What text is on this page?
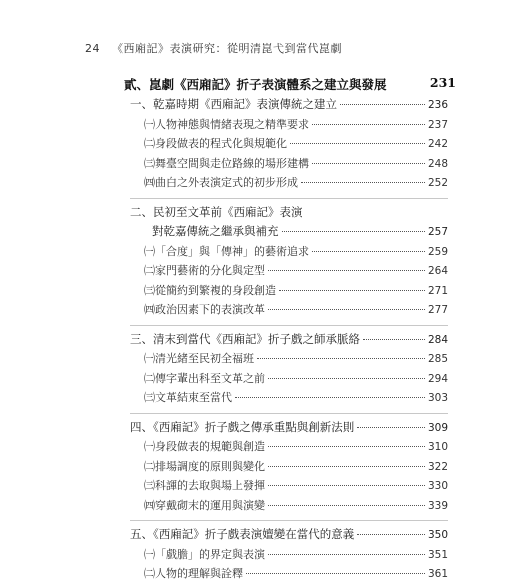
24 《西廂記》表演研究：從明清崑弋到當代崑劇
貳、崑劇《西廂記》折子表演體系之建立與發展	231
一、乾嘉時期《西廂記》表演傳統之建立	236
㈠人物神態與情緒表現之精準要求	237
㈡身段做表的程式化與規範化	242
㈢舞臺空間與走位路線的場形建構	248
㈣曲白之外表演定式的初步形成	252
二、民初至文革前《西廂記》表演
對乾嘉傳統之繼承與補充	257
㈠「合度」與「傳神」的藝術追求	259
㈡家門藝術的分化與定型	264
㈢從簡約到繁複的身段創造	271
㈣政治因素下的表演改革	277
三、清末到當代《西廂記》折子戲之師承脈絡	284
㈠清光緒至民初全福班	285
㈡傳字輩出科至文革之前	294
㈢文革結束至當代	303
四、《西廂記》折子戲之傳承重點與創新法則	309
㈠身段做表的規範與創造	310
㈡排場調度的原則與變化	322
㈢科諢的去取與場上發揮	330
㈣穿戴砌末的運用與演變	339
五、《西廂記》折子戲表演嬗變在當代的意義	350
㈠「戲膽」的界定與表演	351
㈡人物的理解與詮釋	361
